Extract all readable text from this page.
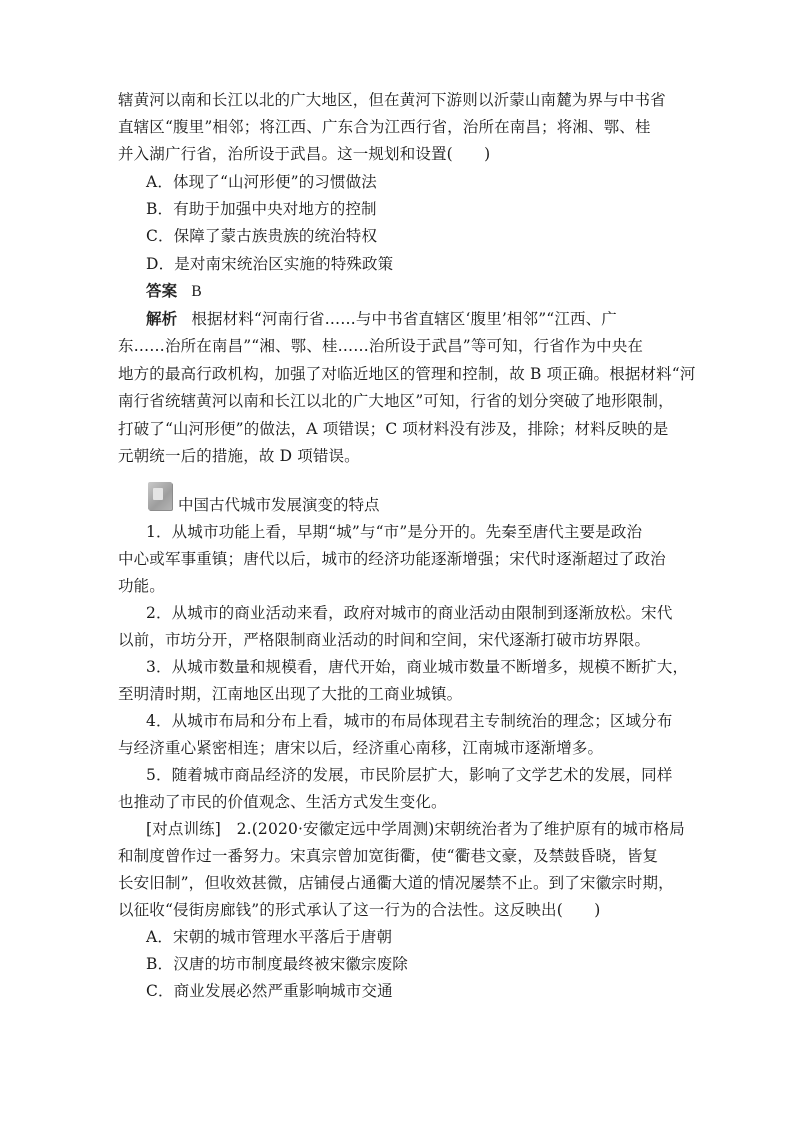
辖黄河以南和长江以北的广大地区，但在黄河下游则以沂蒙山南麓为界与中书省
直辖区“腹里”相邻；将江西、广东合为江西行省，治所在南昌；将湘、鄂、桂
并入湖广行省，治所设于武昌。这一规划和设置(　　)
A．体现了“山河形便”的习惯做法
B．有助于加强中央对地方的控制
C．保障了蒙古族贵族的统治特权
D．是对南宋统治区实施的特殊政策
答案 B
解析 根据材料“河南行省……与中书省直辖区‘腹里’相邻”“江西、广
东……治所在南昌”“湘、鄂、桂……治所设于武昌”等可知，行省作为中央在
地方的最高行政机构，加强了对临近地区的管理和控制，故 B 项正确。根据材料“河
南行省统辖黄河以南和长江以北的广大地区”可知，行省的划分突破了地形限制，
打破了“山河形便”的做法，A 项错误；C 项材料没有涉及，排除；材料反映的是
元朝统一后的措施，故 D 项错误。
中国古代城市发展演变的特点
1．从城市功能上看，早期“城”与“市”是分开的。先秦至唐代主要是政治
中心或军事重镇；唐代以后，城市的经济功能逐渐增强；宋代时逐渐超过了政治
功能。
2．从城市的商业活动来看，政府对城市的商业活动由限制到逐渐放松。宋代
以前，市坊分开，严格限制商业活动的时间和空间，宋代逐渐打破市坊界限。
3．从城市数量和规模看，唐代开始，商业城市数量不断增多，规模不断扩大，
至明清时期，江南地区出现了大批的工商业城镇。
4．从城市布局和分布上看，城市的布局体现君主专制统治的理念；区域分布
与经济重心紧密相连；唐宋以后，经济重心南移，江南城市逐渐增多。
5．随着城市商品经济的发展，市民阶层扩大，影响了文学艺术的发展，同样
也推动了市民的价值观念、生活方式发生变化。
[对点训练]　2.(2020·安徽定远中学周测)宋朝统治者为了维护原有的城市格局
和制度曾作过一番努力。宋真宗曾加宽街衢，使“衢巷文豪，及禁鼓昏晓，皆复
长安旧制”，但收效甚微，店铺侵占通衢大道的情况屡禁不止。到了宋徽宗时期，
以征收“侵街房廊钱”的形式承认了这一行为的合法性。这反映出(　　)
A．宋朝的城市管理水平落后于唐朝
B．汉唐的坊市制度最终被宋徽宗废除
C．商业发展必然严重影响城市交通
